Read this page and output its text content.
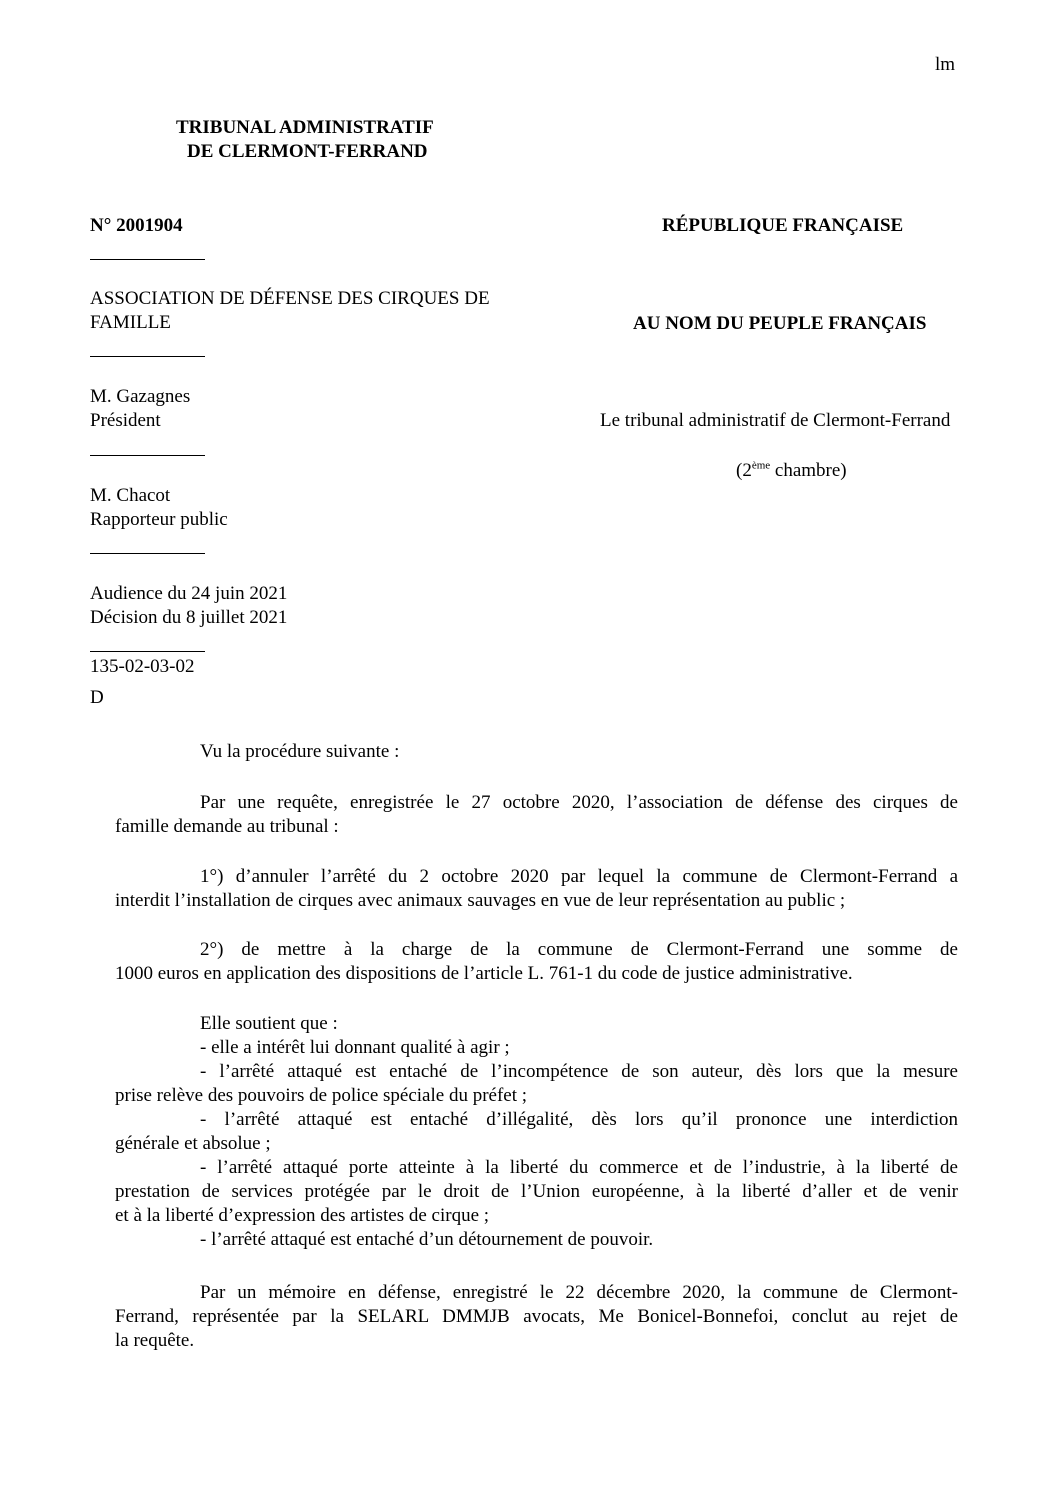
lm
TRIBUNAL ADMINISTRATIF
DE CLERMONT-FERRAND
N° 2001904	RÉPUBLIQUE FRANÇAISE
ASSOCIATION DE DÉFENSE DES CIRQUES DE
FAMILLE	AU NOM DU PEUPLE FRANÇAIS
M. Gazagnes
Président	Le tribunal administratif de Clermont-Ferrand
(2ème chambre)
M. Chacot
Rapporteur public
Audience du 24 juin 2021
Décision du 8 juillet 2021
135-02-03-02
D
Vu la procédure suivante :
Par une requête, enregistrée le 27 octobre 2020, l’association de défense des cirques de
famille demande au tribunal :
1°) d’annuler l’arrêté du 2 octobre 2020 par lequel la commune de Clermont-Ferrand a
interdit l’installation de cirques avec animaux sauvages en vue de leur représentation au public ;
2°) de mettre à la charge de la commune de Clermont-Ferrand une somme de
1000 euros en application des dispositions de l’article L. 761-1 du code de justice administrative.
Elle soutient que :
- elle a intérêt lui donnant qualité à agir ;
- l’arrêté attaqué est entaché de l’incompétence de son auteur, dès lors que la mesure
prise relève des pouvoirs de police spéciale du préfet ;
- l’arrêté attaqué est entaché d’illégalité, dès lors qu’il prononce une interdiction
générale et absolue ;
- l’arrêté attaqué porte atteinte à la liberté du commerce et de l’industrie, à la liberté de
prestation de services protégée par le droit de l’Union européenne, à la liberté d’aller et de venir
et à la liberté d’expression des artistes de cirque ;
- l’arrêté attaqué est entaché d’un détournement de pouvoir.
Par un mémoire en défense, enregistré le 22 décembre 2020, la commune de Clermont-
Ferrand, représentée par la SELARL DMMJB avocats, Me Bonicel-Bonnefoi, conclut au rejet de
la requête.
